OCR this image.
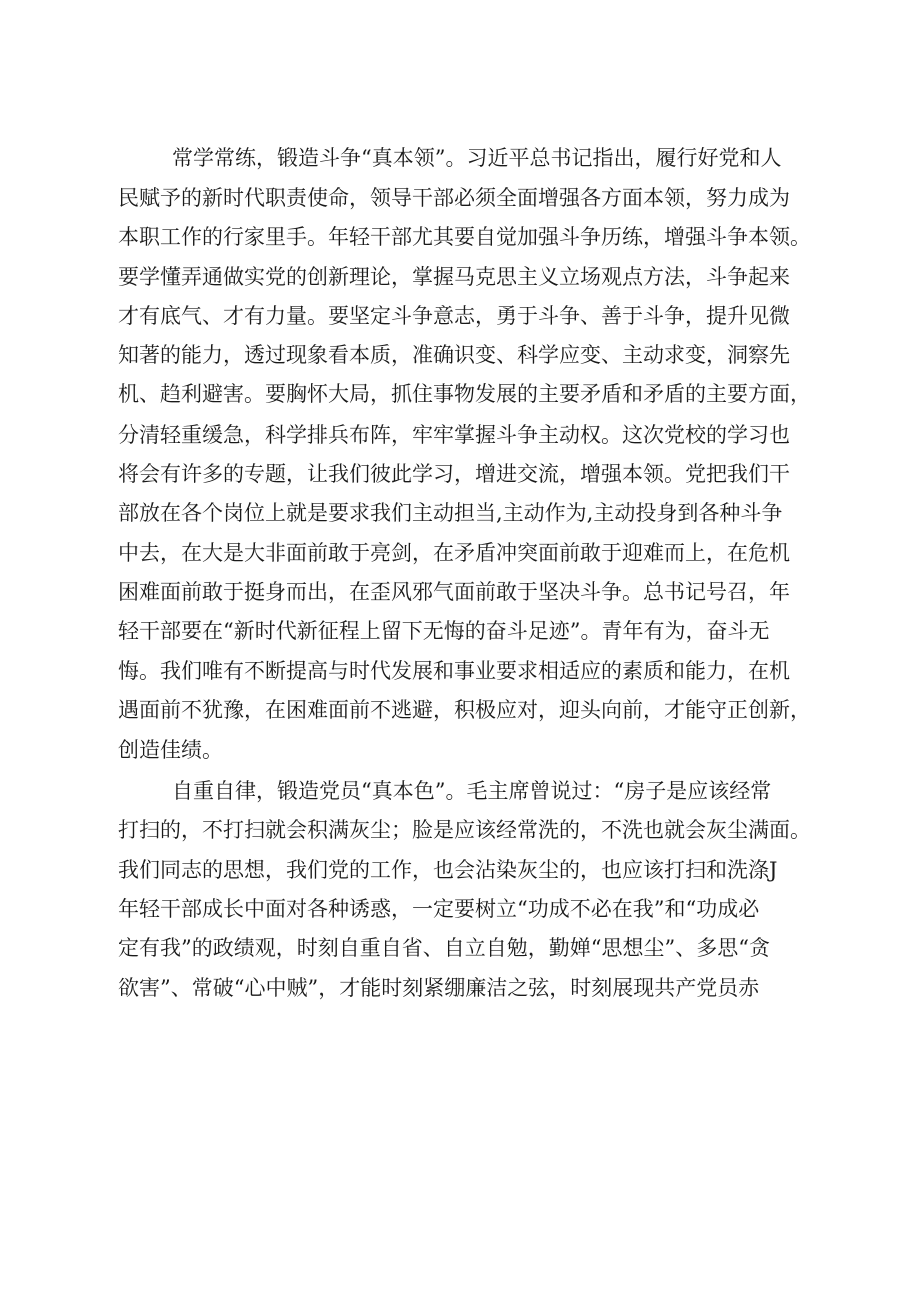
常学常练，锻造斗争“真本领”。习近平总书记指出，履行好党和人

民赋予的新时代职责使命，领导干部必须全面增强各方面本领，努力成为

本职工作的行家里手。年轻干部尤其要自觉加强斗争历练，增强斗争本领。

要学懂弄通做实党的创新理论，掌握马克思主义立场观点方法，斗争起来

才有底气、才有力量。要坚定斗争意志，勇于斗争、善于斗争，提升见微

知著的能力，透过现象看本质，准确识变、科学应变、主动求变，洞察先

机、趋利避害。要胸怀大局，抓住事物发展的主要矛盾和矛盾的主要方面，

分清轻重缓急，科学排兵布阵，牢牢掌握斗争主动权。这次党校的学习也

将会有许多的专题，让我们彼此学习，增进交流，增强本领。党把我们干

部放在各个岗位上就是要求我们主动担当,主动作为,主动投身到各种斗争

中去，在大是大非面前敢于亮剑，在矛盾冲突面前敢于迎难而上，在危机

困难面前敢于挺身而出，在歪风邪气面前敢于坚决斗争。总书记号召，年

轻干部要在“新时代新征程上留下无悔的奋斗足迹”。青年有为，奋斗无

悔。我们唯有不断提高与时代发展和事业要求相适应的素质和能力，在机

遇面前不犹豫，在困难面前不逃避，积极应对，迎头向前，才能守正创新，

创造佳绩。

自重自律，锻造党员“真本色”。毛主席曾说过：“房子是应该经常

打扫的，不打扫就会积满灰尘；脸是应该经常洗的，不洗也就会灰尘满面。

我们同志的思想，我们党的工作，也会沾染灰尘的，也应该打扫和洗涤J

年轻干部成长中面对各种诱惑，一定要树立“功成不必在我”和“功成必

定有我”的政绩观，时刻自重自省、自立自勉，勤婵“思想尘”、多思“贪

欲害”、常破“心中贼”，才能时刻紧绷廉洁之弦，时刻展现共产党员赤
